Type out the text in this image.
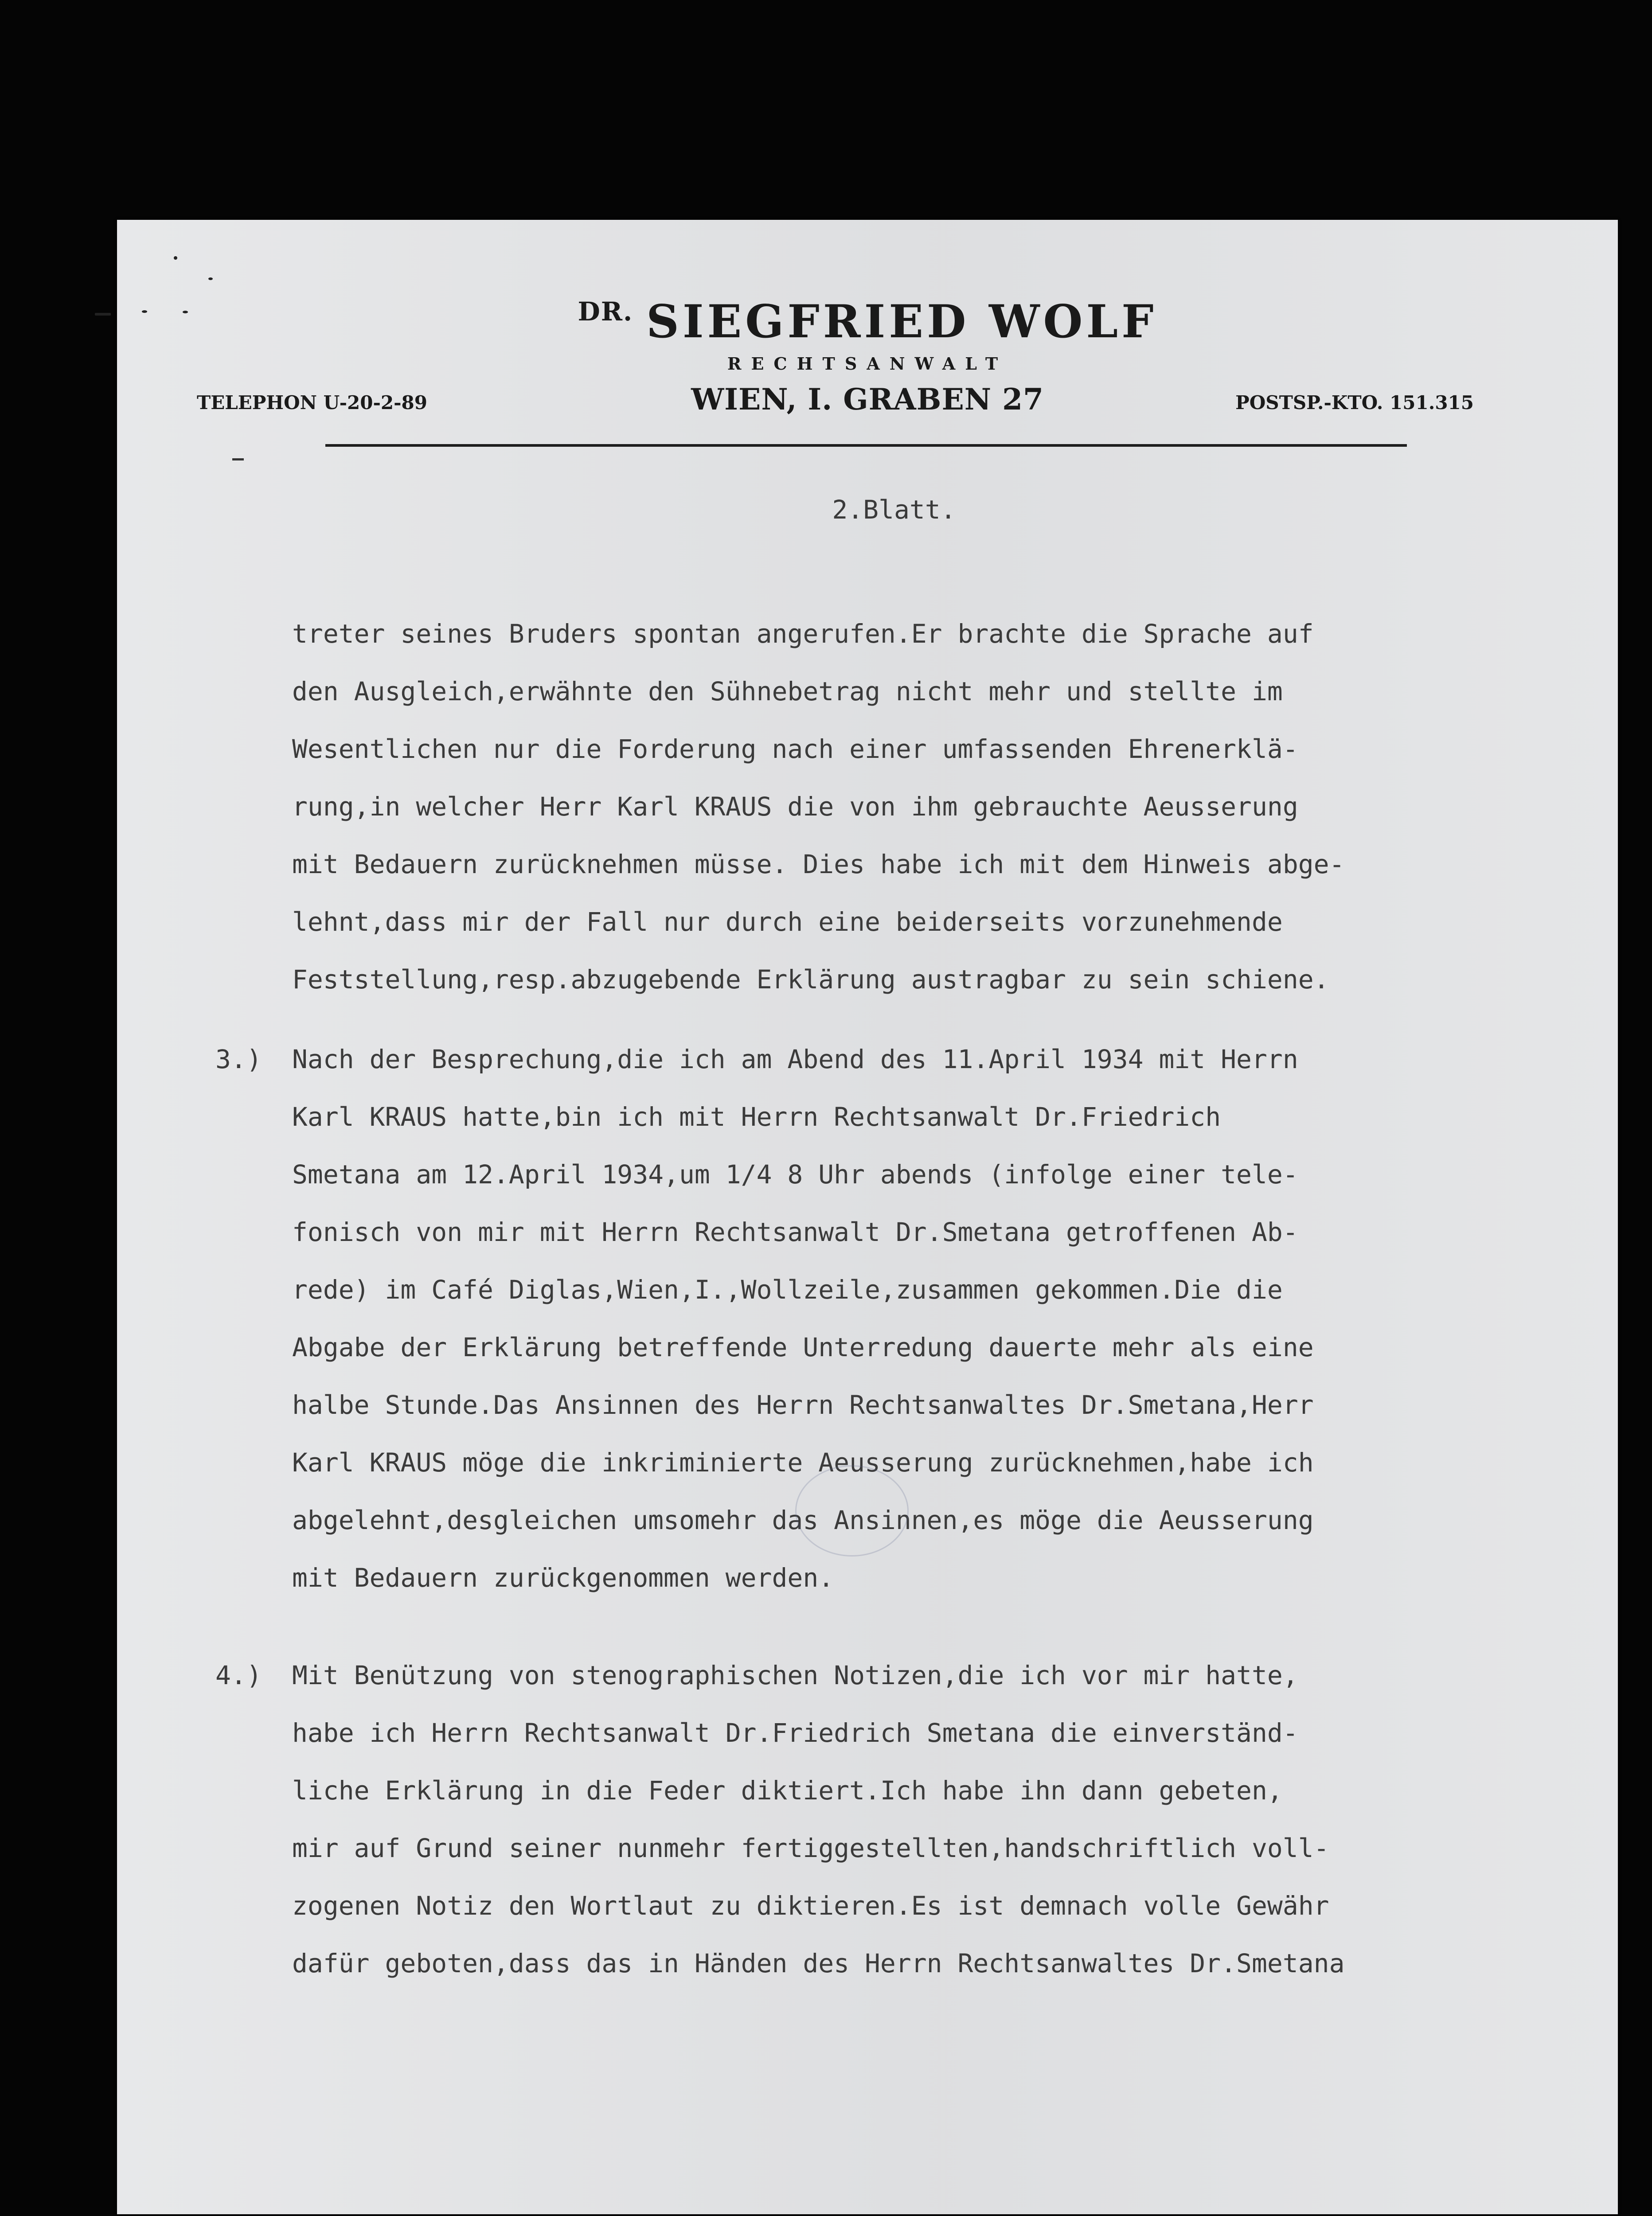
$^{DR.}$ SIEGFRIED WOLF
RECHTSANWALT
TELEPHON U-20-2-89	WIEN, I. GRABEN 27	POSTSP.-KTO. 151.315
2.Blatt.

treter seines Bruders spontan angerufen.Er brachte die Sprache auf

den Ausgleich,erwähnte den Sühnebetrag nicht mehr und stellte im

Wesentlichen nur die Forderung nach einer umfassenden Ehrenerklä-

rung,in welcher Herr Karl KRAUS die von ihm gebrauchte Aeusserung

mit Bedauern zurücknehmen müsse. Dies habe ich mit dem Hinweis abge-

lehnt,dass mir der Fall nur durch eine beiderseits vorzunehmende

Feststellung,resp.abzugebende Erklärung austragbar zu sein schiene.

3.) Nach der Besprechung,die ich am Abend des 11.April 1934 mit Herrn

Karl KRAUS hatte,bin ich mit Herrn Rechtsanwalt Dr.Friedrich

Smetana am 12.April 1934,um 1/4 8 Uhr abends (infolge einer tele-

fonisch von mir mit Herrn Rechtsanwalt Dr.Smetana getroffenen Ab-

rede) im Café Diglas,Wien,I.,Wollzeile,zusammen gekommen.Die die

Abgabe der Erklärung betreffende Unterredung dauerte mehr als eine

halbe Stunde.Das Ansinnen des Herrn Rechtsanwaltes Dr.Smetana,Herr

Karl KRAUS möge die inkriminierte Aeusserung zurücknehmen,habe ich

abgelehnt,desgleichen umsomehr das Ansinnen,es möge die Aeusserung

mit Bedauern zurückgenommen werden.

4.) Mit Benützung von stenographischen Notizen,die ich vor mir hatte,

habe ich Herrn Rechtsanwalt Dr.Friedrich Smetana die einverständ-

liche Erklärung in die Feder diktiert.Ich habe ihn dann gebeten,

mir auf Grund seiner nunmehr fertiggestellten,handschriftlich voll-

zogenen Notiz den Wortlaut zu diktieren.Es ist demnach volle Gewähr

dafür geboten,dass das in Händen des Herrn Rechtsanwaltes Dr.Smetana
